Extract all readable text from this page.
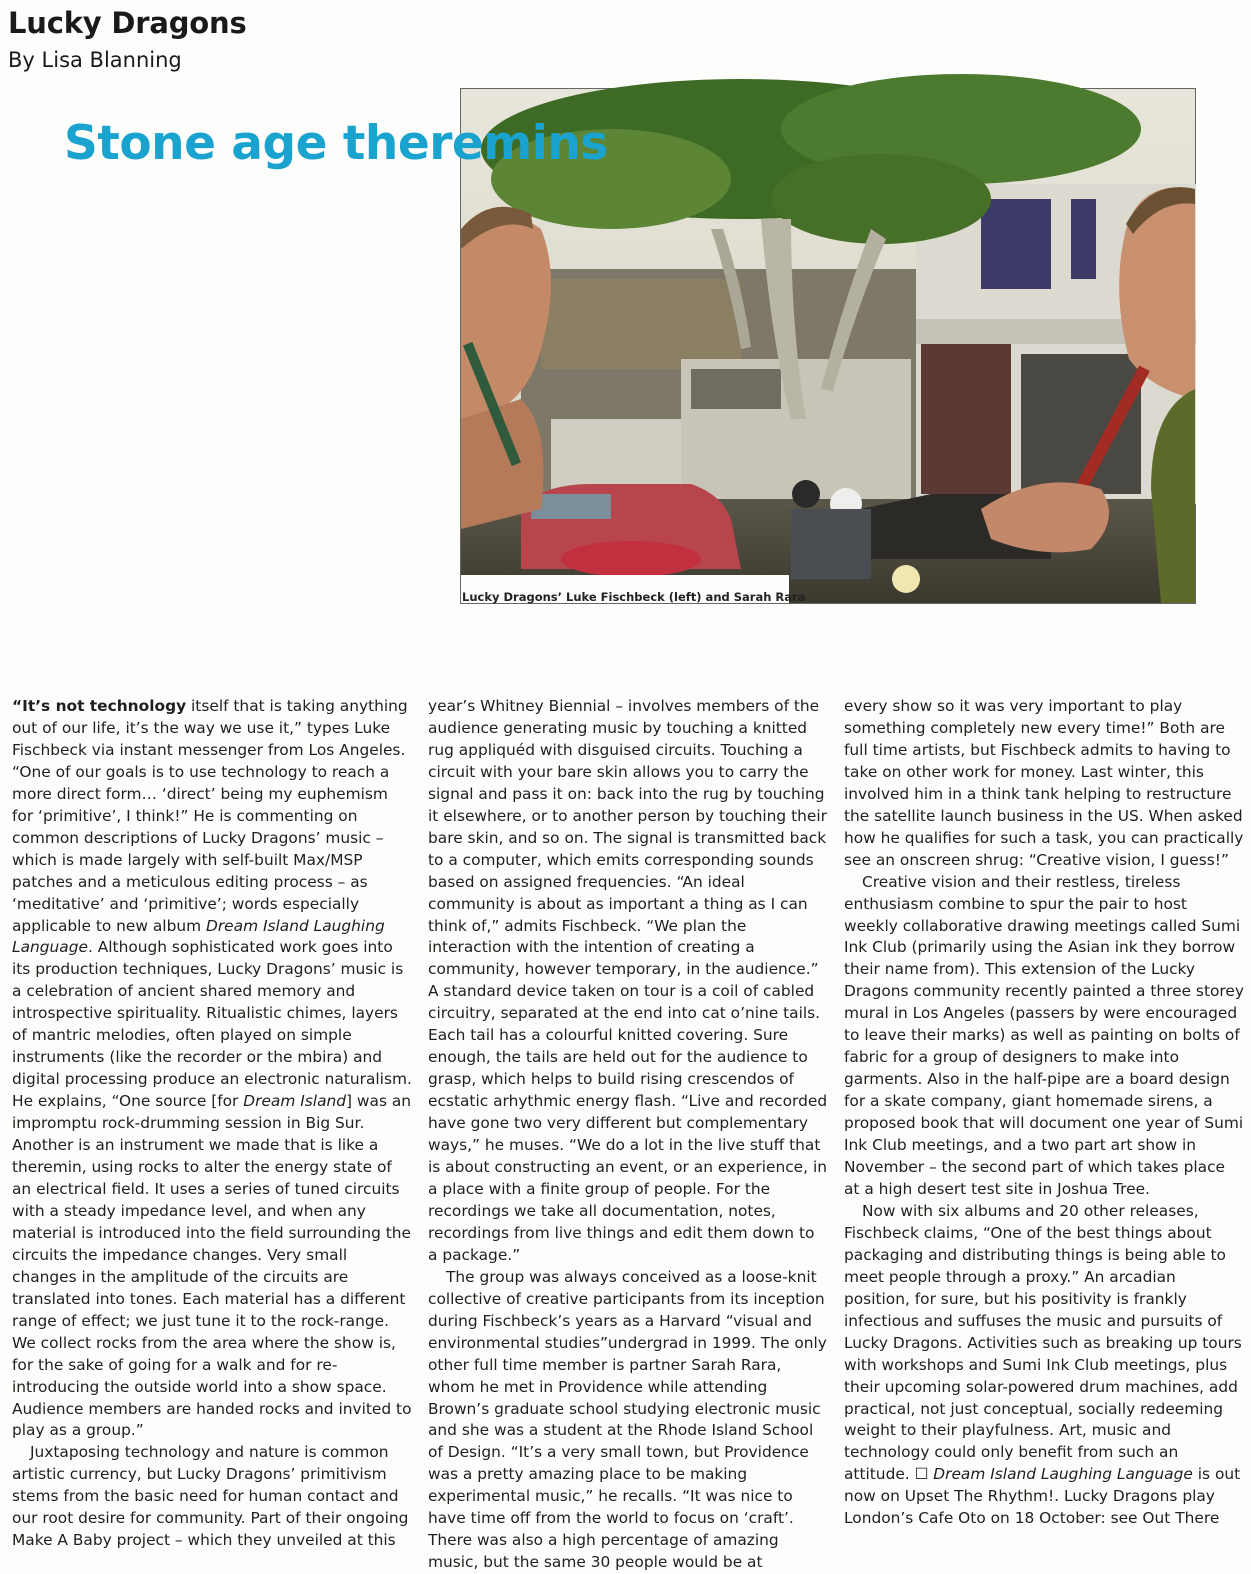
Lucky Dragons
By Lisa Blanning
Lucky Dragons’ Luke Fischbeck (left) and Sarah Rara
Stone age theremins

“It’s not technology itself that is taking anything out of our life, it’s the way we use it,” types Luke Fischbeck via instant messenger from Los Angeles. “One of our goals is to use technology to reach a more direct form… ‘direct’ being my euphemism for ‘primitive’, I think!” He is commenting on common descriptions of Lucky Dragons’ music – which is made largely with self-built Max/MSP patches and a meticulous editing process – as ‘meditative’ and ‘primitive’; words especially applicable to new album Dream Island Laughing Language. Although sophisticated work goes into its production techniques, Lucky Dragons’ music is a celebration of ancient shared memory and introspective spirituality. Ritualistic chimes, layers of mantric melodies, often played on simple instruments (like the recorder or the mbira) and digital processing produce an electronic naturalism. He explains, “One source [for Dream Island] was an impromptu rock-drumming session in Big Sur. Another is an instrument we made that is like a theremin, using rocks to alter the energy state of an electrical field. It uses a series of tuned circuits with a steady impedance level, and when any material is introduced into the field surrounding the circuits the impedance changes. Very small changes in the amplitude of the circuits are translated into tones. Each material has a different range of effect; we just tune it to the rock-range. We collect rocks from the area where the show is, for the sake of going for a walk and for re-introducing the outside world into a show space. Audience members are handed rocks and invited to play as a group.”

Juxtaposing technology and nature is common artistic currency, but Lucky Dragons’ primitivism stems from the basic need for human contact and our root desire for community. Part of their ongoing Make A Baby project – which they unveiled at this

year’s Whitney Biennial – involves members of the audience generating music by touching a knitted rug appliquéd with disguised circuits. Touching a circuit with your bare skin allows you to carry the signal and pass it on: back into the rug by touching it elsewhere, or to another person by touching their bare skin, and so on. The signal is transmitted back to a computer, which emits corresponding sounds based on assigned frequencies. “An ideal community is about as important a thing as I can think of,” admits Fischbeck. “We plan the interaction with the intention of creating a community, however temporary, in the audience.” A standard device taken on tour is a coil of cabled circuitry, separated at the end into cat o’nine tails. Each tail has a colourful knitted covering. Sure enough, the tails are held out for the audience to grasp, which helps to build rising crescendos of ecstatic arhythmic energy flash. “Live and recorded have gone two very different but complementary ways,” he muses. “We do a lot in the live stuff that is about constructing an event, or an experience, in a place with a finite group of people. For the recordings we take all documentation, notes, recordings from live things and edit them down to a package.”

The group was always conceived as a loose-knit collective of creative participants from its inception during Fischbeck’s years as a Harvard “visual and environmental studies”undergrad in 1999. The only other full time member is partner Sarah Rara, whom he met in Providence while attending Brown’s graduate school studying electronic music and she was a student at the Rhode Island School of Design. “It’s a very small town, but Providence was a pretty amazing place to be making experimental music,” he recalls. “It was nice to have time off from the world to focus on ‘craft’. There was also a high percentage of amazing music, but the same 30 people would be at

every show so it was very important to play something completely new every time!” Both are full time artists, but Fischbeck admits to having to take on other work for money. Last winter, this involved him in a think tank helping to restructure the satellite launch business in the US. When asked how he qualifies for such a task, you can practically see an onscreen shrug: “Creative vision, I guess!”

Creative vision and their restless, tireless enthusiasm combine to spur the pair to host weekly collaborative drawing meetings called Sumi Ink Club (primarily using the Asian ink they borrow their name from). This extension of the Lucky Dragons community recently painted a three storey mural in Los Angeles (passers by were encouraged to leave their marks) as well as painting on bolts of fabric for a group of designers to make into garments. Also in the half-pipe are a board design for a skate company, giant homemade sirens, a proposed book that will document one year of Sumi Ink Club meetings, and a two part art show in November – the second part of which takes place at a high desert test site in Joshua Tree.

Now with six albums and 20 other releases, Fischbeck claims, “One of the best things about packaging and distributing things is being able to meet people through a proxy.” An arcadian position, for sure, but his positivity is frankly infectious and suffuses the music and pursuits of Lucky Dragons. Activities such as breaking up tours with workshops and Sumi Ink Club meetings, plus their upcoming solar-powered drum machines, add practical, not just conceptual, socially redeeming weight to their playfulness. Art, music and technology could only benefit from such an attitude. ☐ Dream Island Laughing Language is out now on Upset The Rhythm!. Lucky Dragons play London’s Cafe Oto on 18 October: see Out There
